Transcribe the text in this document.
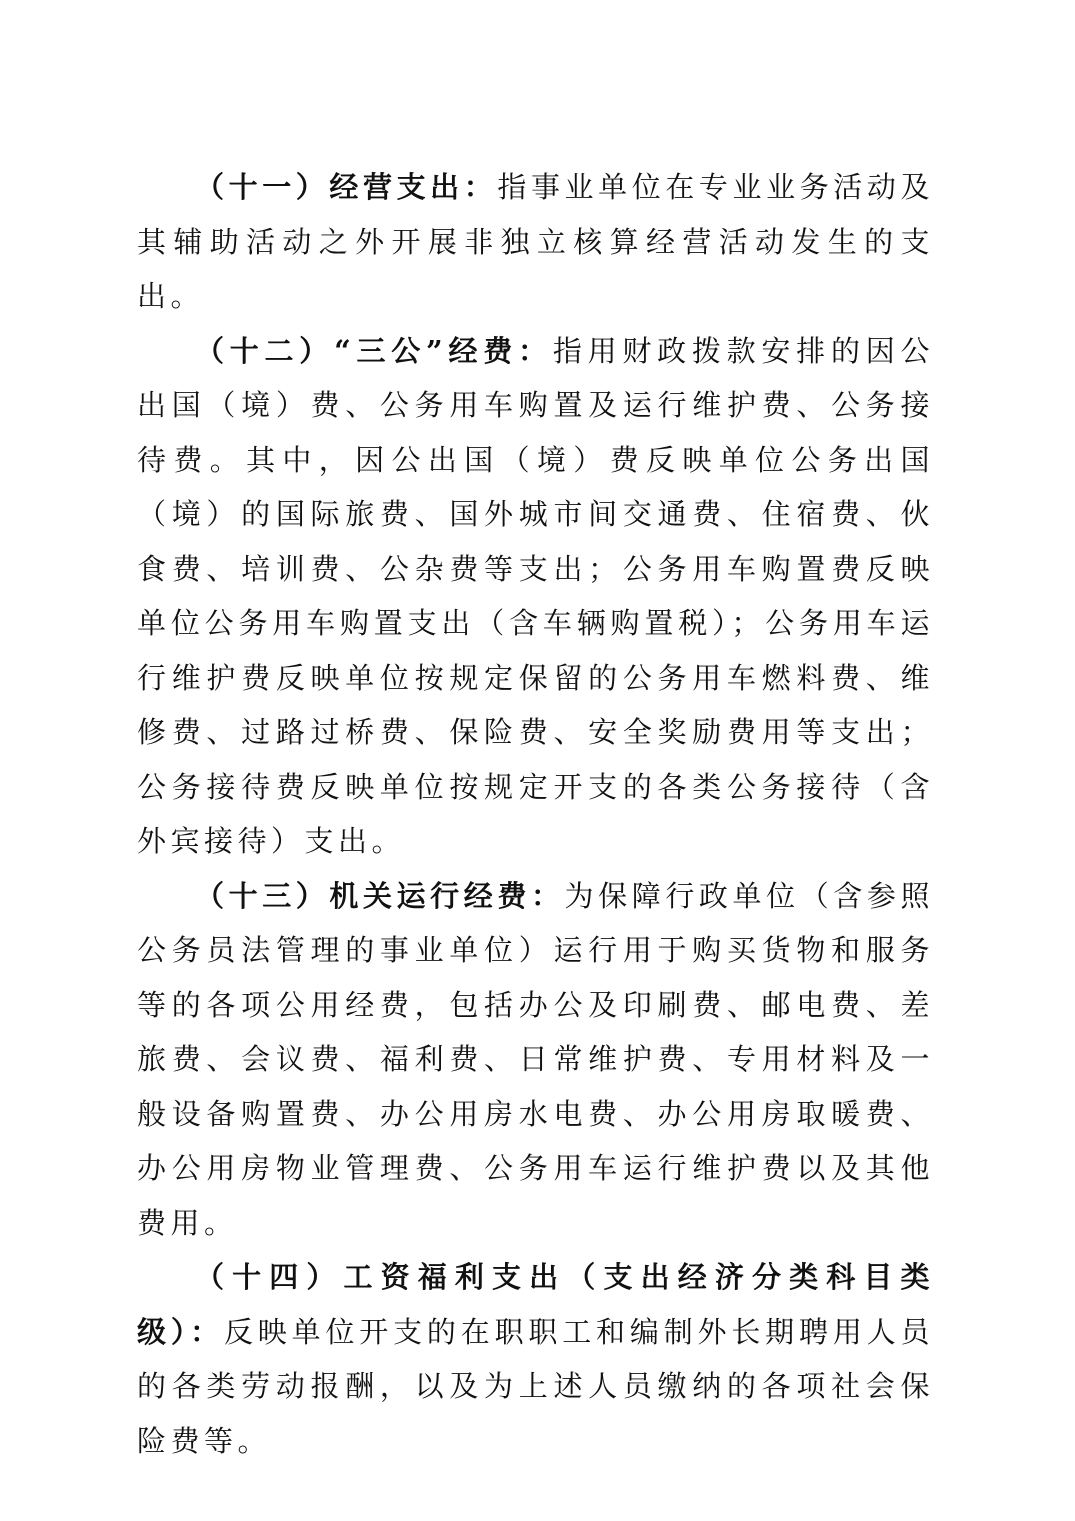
（十一）经营支出：指事业单位在专业业务活动及其辅助活动之外开展非独立核算经营活动发生的支出。

（十二）“三公”经费：指用财政拨款安排的因公出国（境）费、公务用车购置及运行维护费、公务接待费。其中，因公出国（境）费反映单位公务出国（境）的国际旅费、国外城市间交通费、住宿费、伙食费、培训费、公杂费等支出；公务用车购置费反映单位公务用车购置支出（含车辆购置税）；公务用车运行维护费反映单位按规定保留的公务用车燃料费、维修费、过路过桥费、保险费、安全奖励费用等支出；公务接待费反映单位按规定开支的各类公务接待（含外宾接待）支出。

（十三）机关运行经费：为保障行政单位（含参照公务员法管理的事业单位）运行用于购买货物和服务等的各项公用经费，包括办公及印刷费、邮电费、差旅费、会议费、福利费、日常维护费、专用材料及一般设备购置费、办公用房水电费、办公用房取暖费、办公用房物业管理费、公务用车运行维护费以及其他费用。

（十四）工资福利支出（支出经济分类科目类级）：反映单位开支的在职职工和编制外长期聘用人员的各类劳动报酬，以及为上述人员缴纳的各项社会保险费等。
